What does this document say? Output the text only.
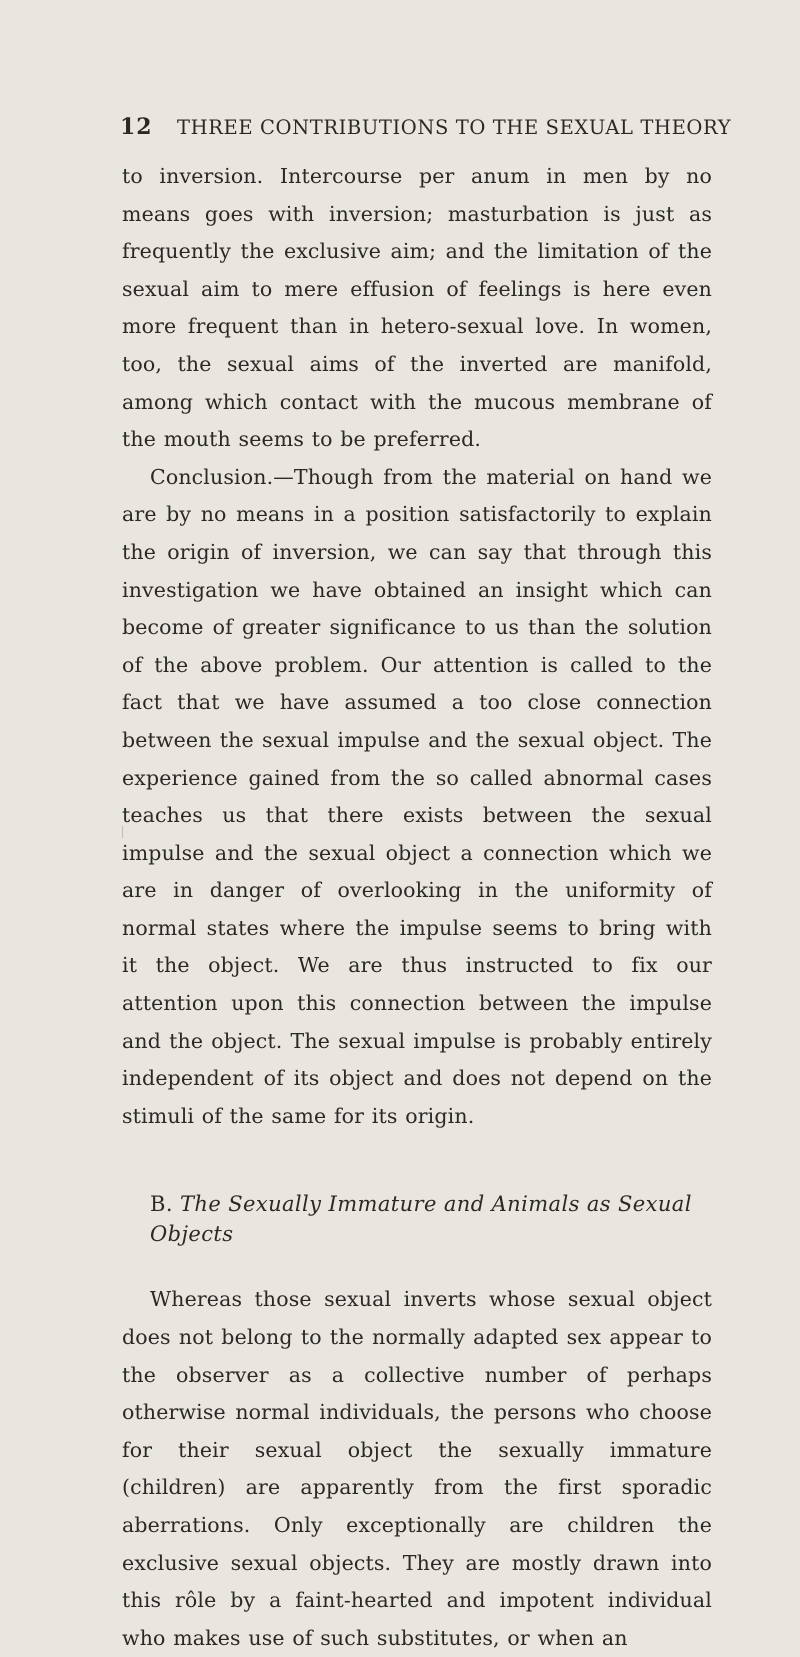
12 THREE CONTRIBUTIONS TO THE SEXUAL THEORY

to inversion. Intercourse per anum in men by no means goes with inversion; masturbation is just as frequently the exclusive aim; and the limitation of the sexual aim to mere effusion of feelings is here even more frequent than in hetero-sexual love. In women, too, the sexual aims of the inverted are manifold, among which contact with the mucous membrane of the mouth seems to be preferred.

Conclusion.—Though from the material on hand we are by no means in a position satisfactorily to explain the origin of inversion, we can say that through this investigation we have obtained an insight which can become of greater significance to us than the solution of the above problem. Our attention is called to the fact that we have assumed a too close connection between the sexual impulse and the sexual object. The experience gained from the so called abnormal cases teaches us that there exists between the sexual impulse and the sexual object a connection which we are in danger of overlooking in the uniformity of normal states where the impulse seems to bring with it the object. We are thus instructed to fix our attention upon this connection between the impulse and the object. The sexual impulse is probably entirely independent of its object and does not depend on the stimuli of the same for its origin.

B. The Sexually Immature and Animals as Sexual Objects

Whereas those sexual inverts whose sexual object does not belong to the normally adapted sex appear to the observer as a collective number of perhaps otherwise normal individuals, the persons who choose for their sexual object the sexually immature (children) are apparently from the first sporadic aberrations. Only exceptionally are children the exclusive sexual objects. They are mostly drawn into this rôle by a faint-hearted and impotent individual who makes use of such substitutes, or when an
